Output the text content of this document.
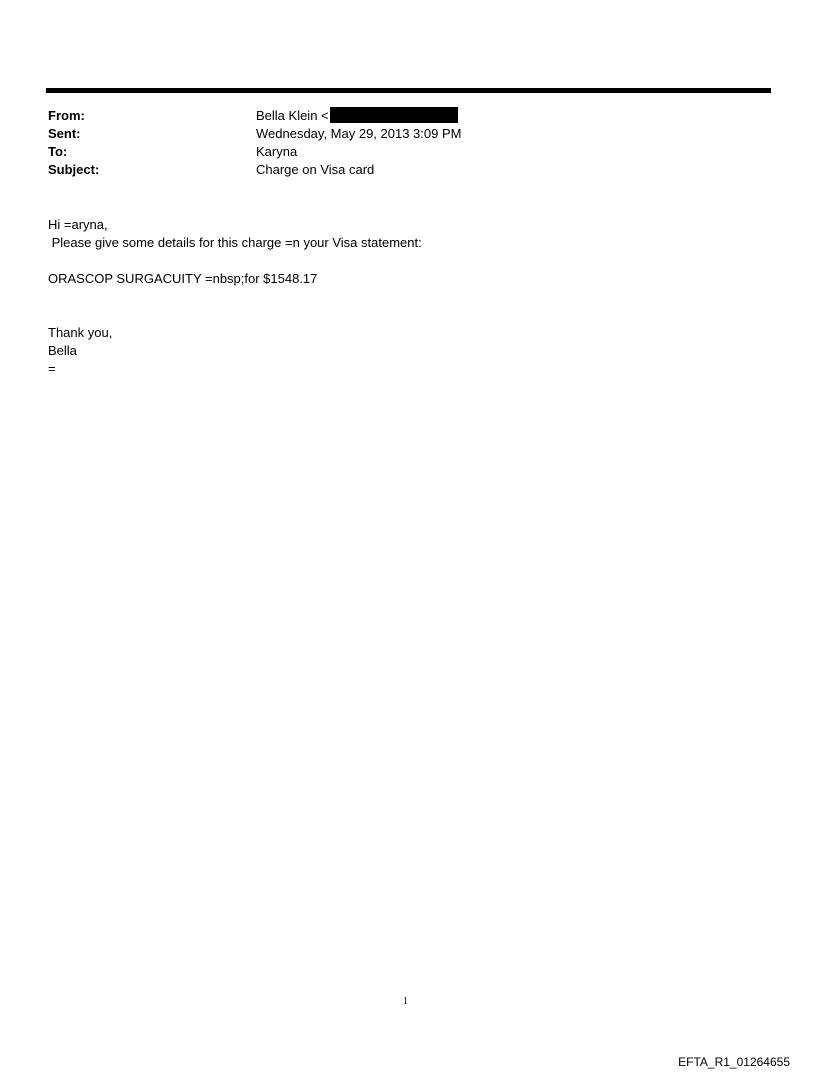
From:	Bella Klein <
Sent:	Wednesday, May 29, 2013 3:09 PM
To:	Karyna
Subject:	Charge on Visa card
Hi =aryna,
Please give some details for this charge =n your Visa statement:
ORASCOP SURGACUITY =nbsp;for $1548.17
Thank you,
Bella
=
1
EFTA_R1_01264655
